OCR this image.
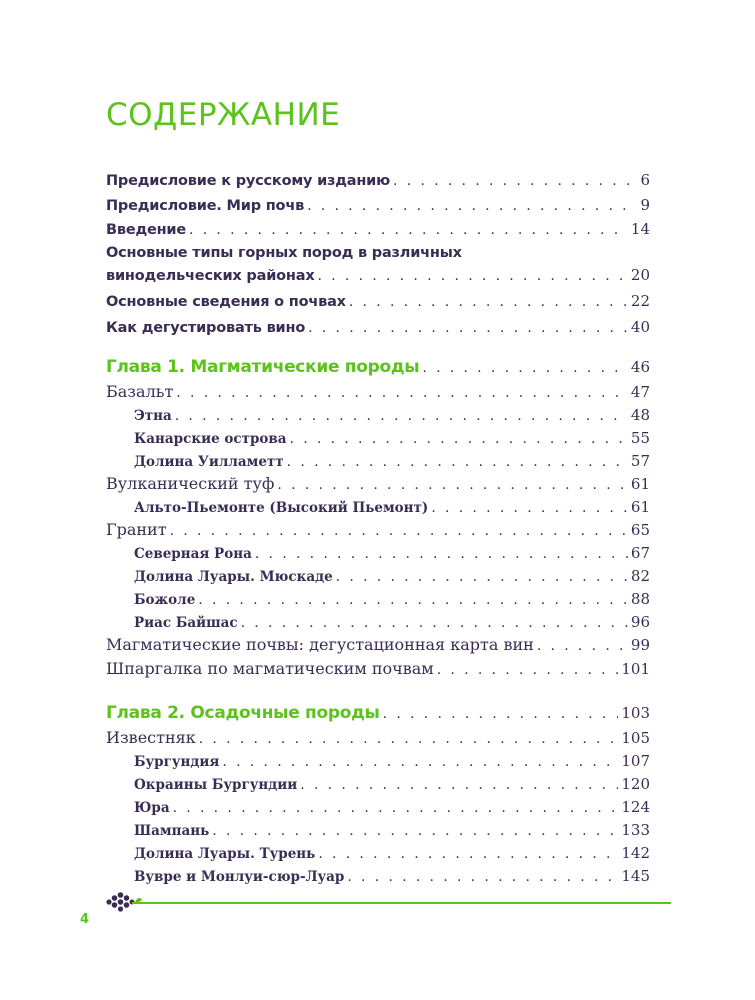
СОДЕРЖАНИЕ
Предисловие к русскому изданию . . .	6
Предисловие. Мир почв . . .	9
Введение . . .	14
Основные типы горных пород в различных
винодельческих районах . . .	20
Основные сведения о почвах . . .	22
Как дегустировать вино . . .	40
Глава 1. Магматические породы . . .	46
Базальт . . .	47
Этна . . .	48
Канарские острова . . .	55
Долина Уилламетт . . .	57
Вулканический туф . . .	61
Альто-Пьемонте (Высокий Пьемонт) . . .	61
Гранит . . .	65
Северная Рона . . .	67
Долина Луары. Мюскаде . . .	82
Божоле . . .	88
Риас Байшас . . .	96
Магматические почвы: дегустационная карта вин . . .	99
Шпаргалка по магматическим почвам . . .	101
Глава 2. Осадочные породы . . .	103
Известняк . . .	105
Бургундия . . .	107
Окраины Бургундии . . .	120
Юра . . .	124
Шампань . . .	133
Долина Луары. Турень . . .	142
Вувре и Монлуи-сюр-Луар . . .	145
4
